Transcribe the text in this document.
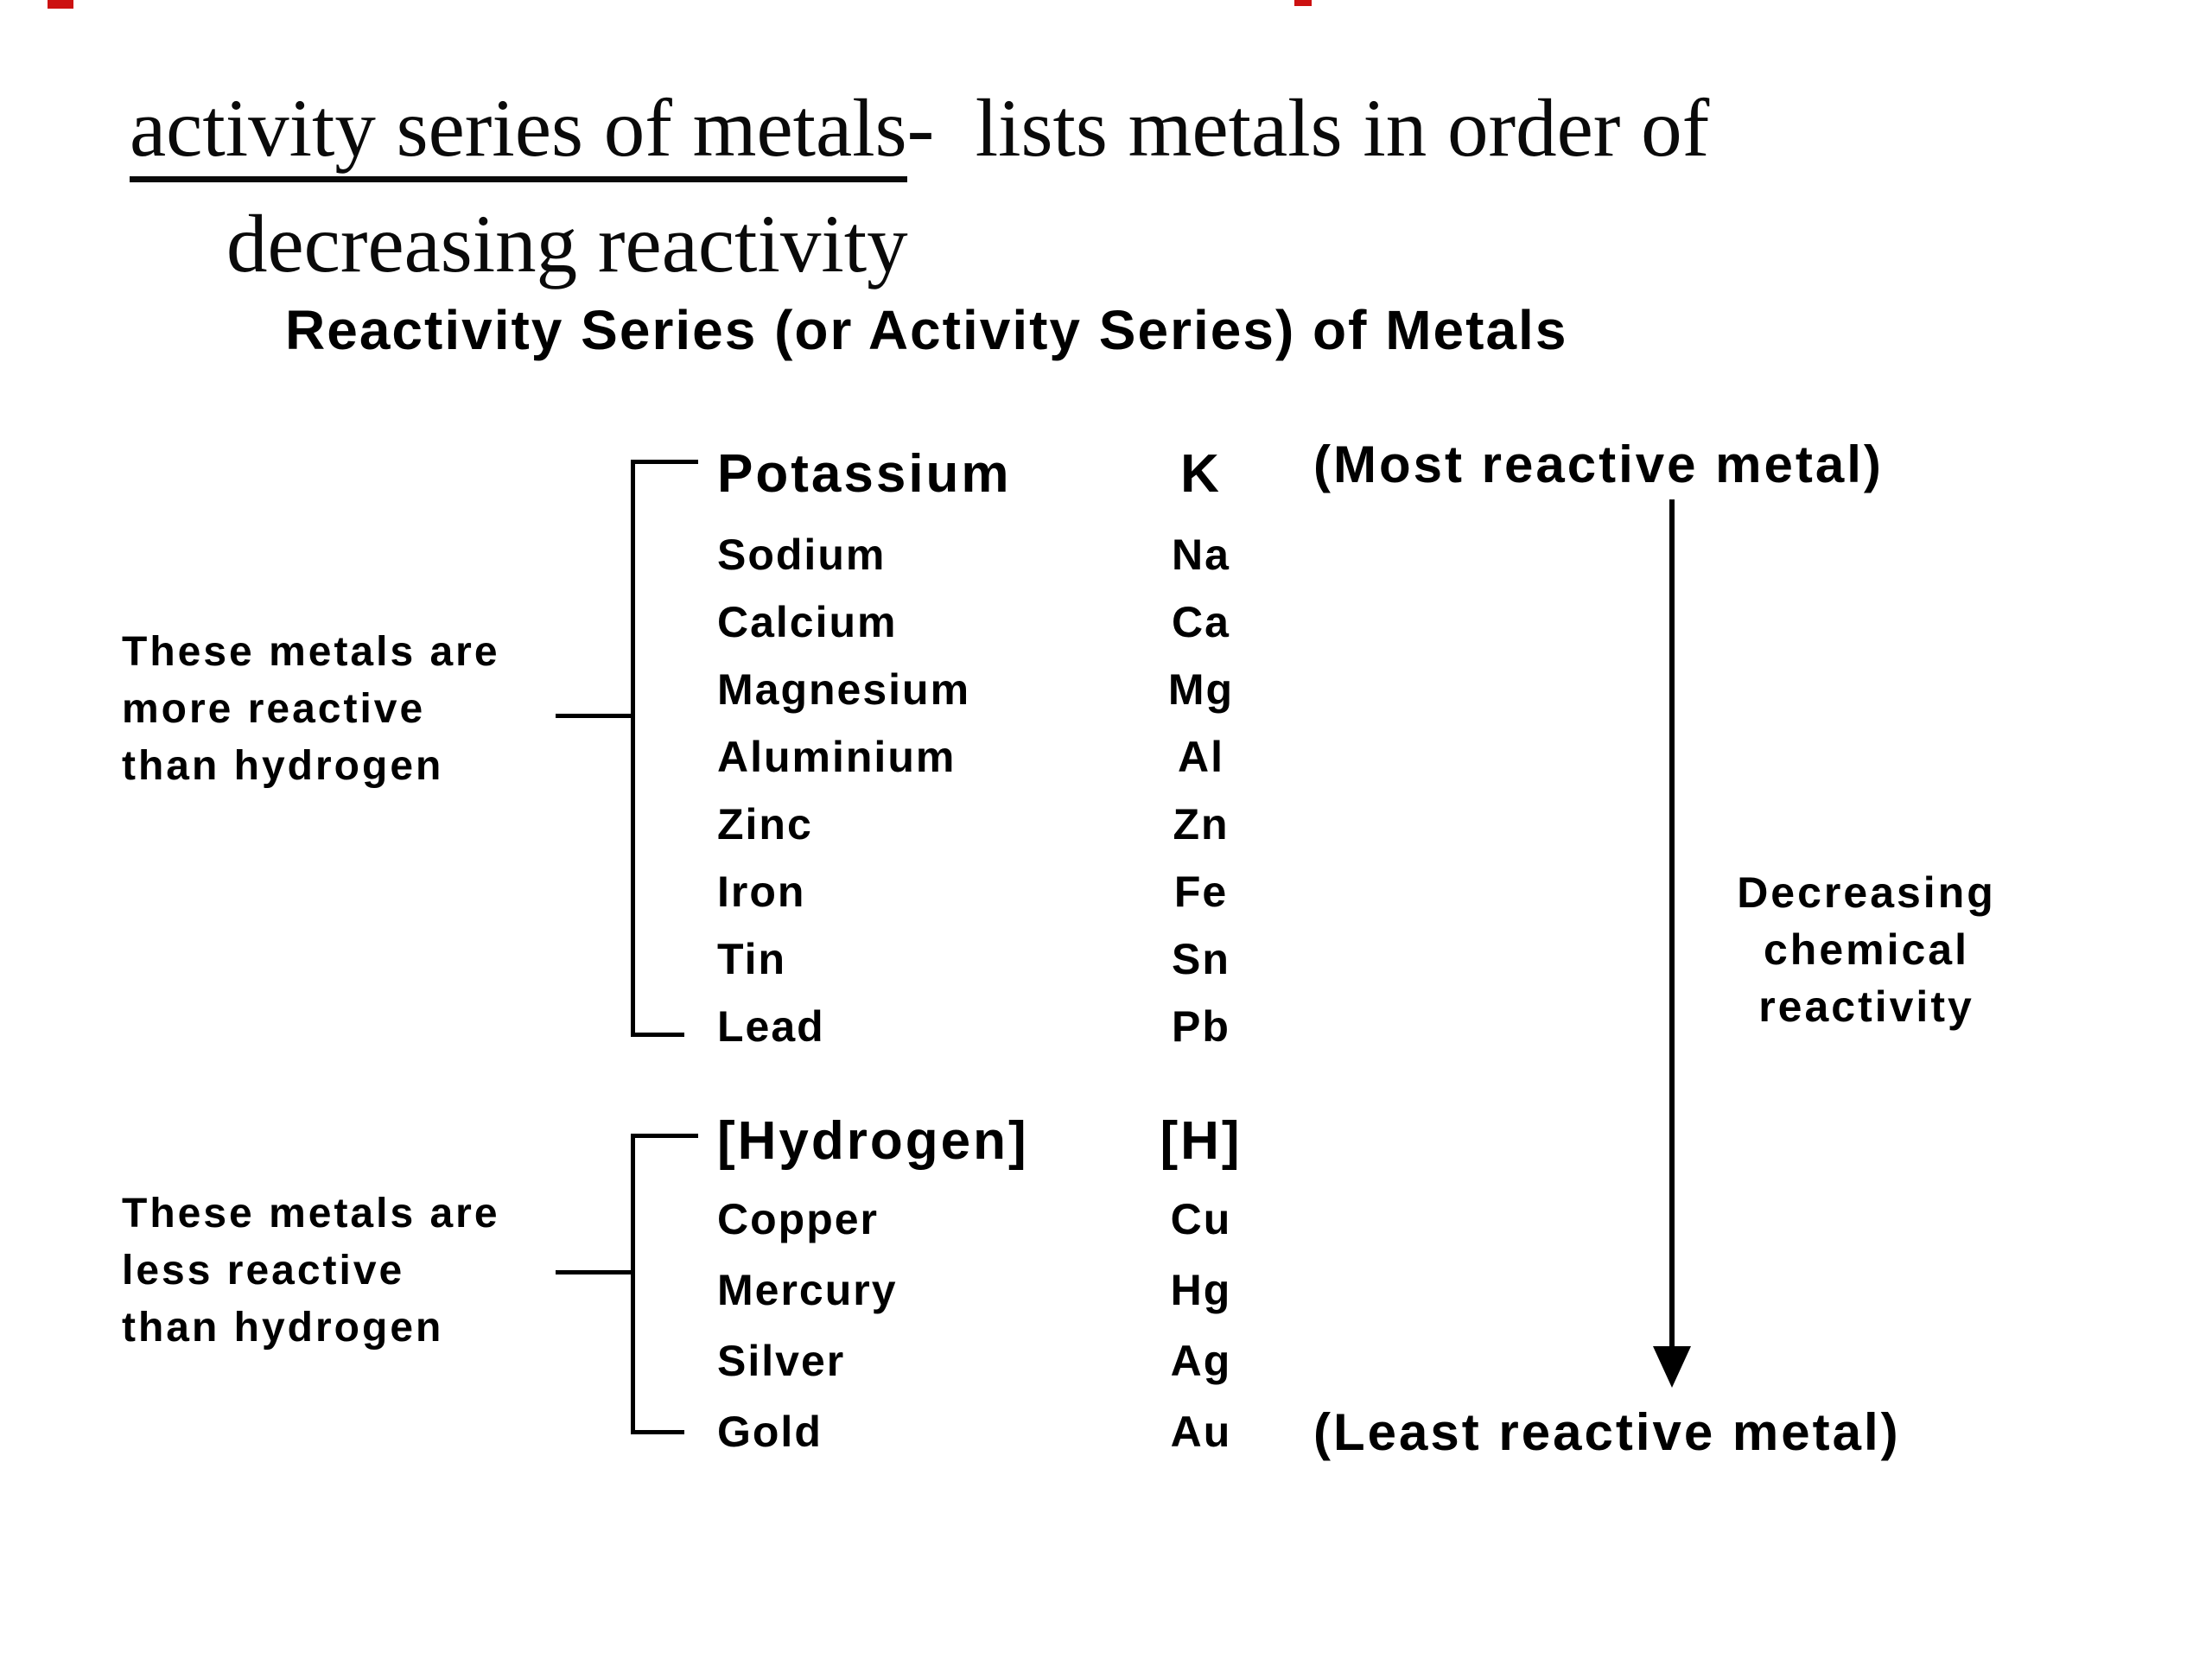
activity series of metals-  lists metals in order of
decreasing reactivity
Reactivity Series (or Activity Series) of Metals
These metals are
more reactive
than hydrogen
These metals are
less reactive
than hydrogen
Potassium	K
Sodium	Na
Calcium	Ca
Magnesium	Mg
Aluminium	Al
Zinc	Zn
Iron	Fe
Tin	Sn
Lead	Pb
[Hydrogen]	[H]
Copper	Cu
Mercury	Hg
Silver	Ag
Gold	Au
(Most reactive metal)
(Least reactive metal)
Decreasing
chemical
reactivity
